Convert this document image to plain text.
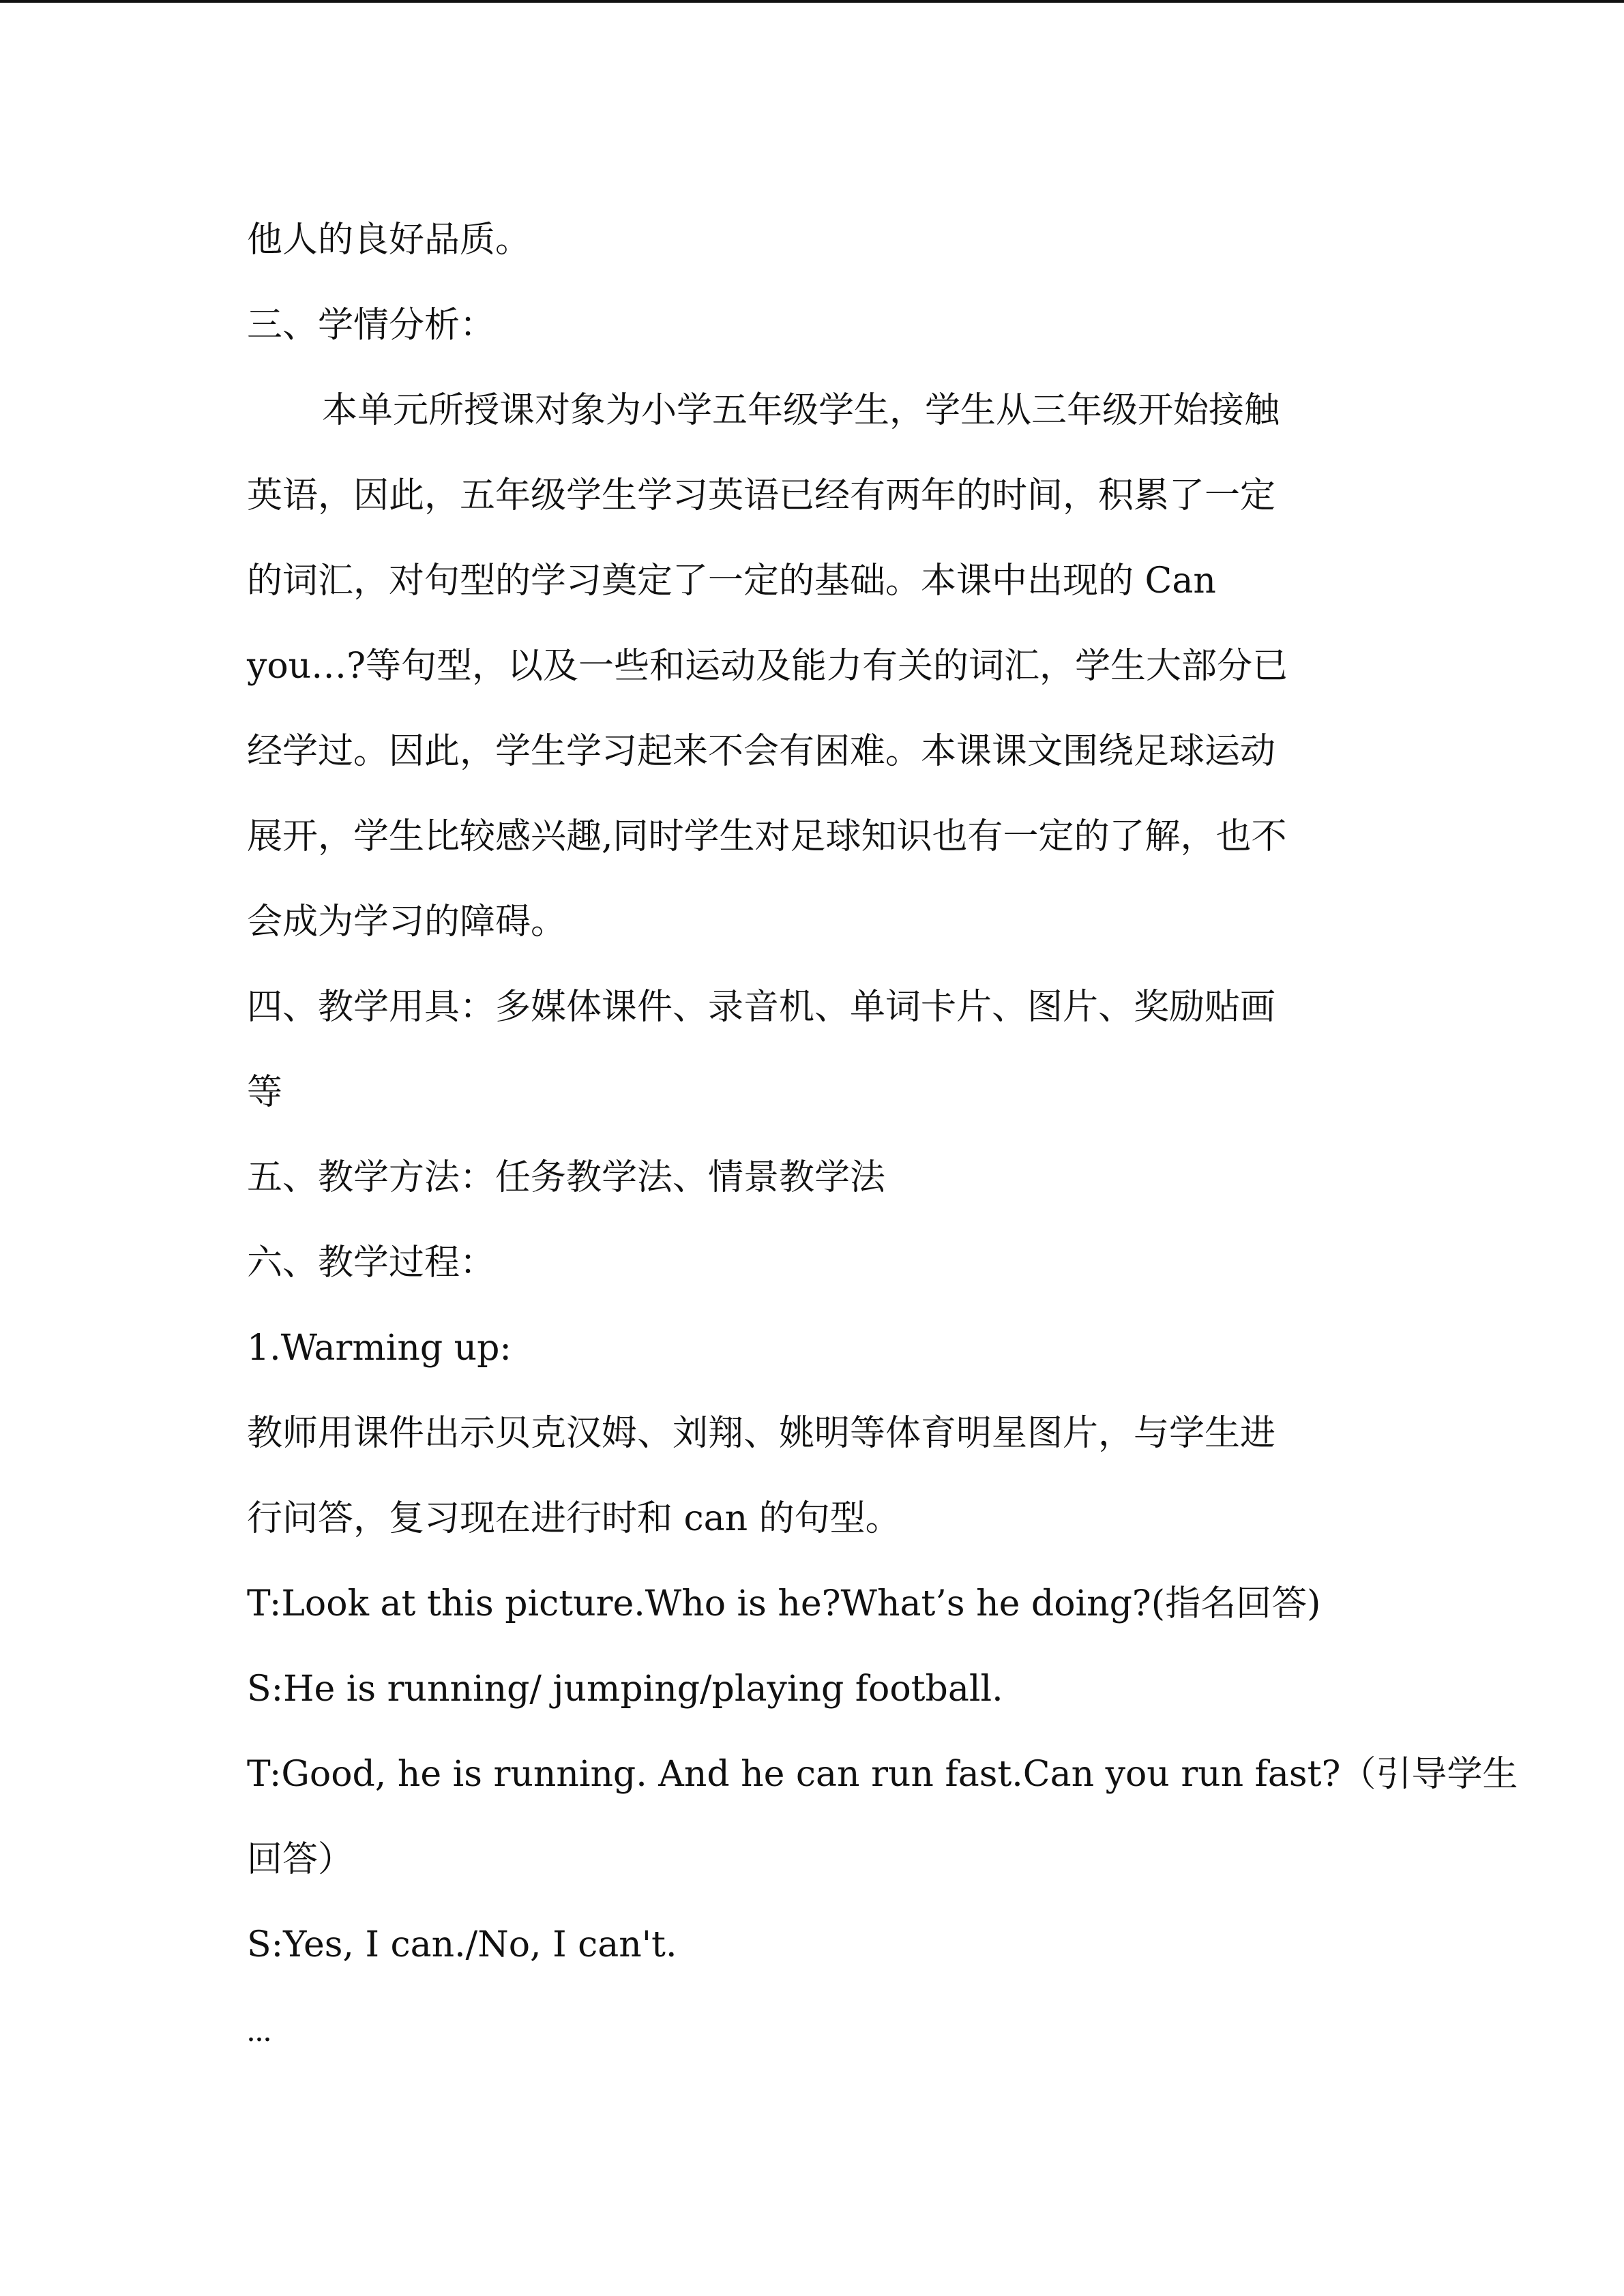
他人的良好品质。

三、学情分析：

本单元所授课对象为小学五年级学生，学生从三年级开始接触

英语，因此，五年级学生学习英语已经有两年的时间，积累了一定

的词汇，对句型的学习奠定了一定的基础。本课中出现的 Can

you…?等句型，以及一些和运动及能力有关的词汇，学生大部分已

经学过。因此，学生学习起来不会有困难。本课课文围绕足球运动

展开，学生比较感兴趣,同时学生对足球知识也有一定的了解，也不

会成为学习的障碍。

四、教学用具：多媒体课件、录音机、单词卡片、图片、奖励贴画

等

五、教学方法：任务教学法、情景教学法

六、教学过程：

1.Warming up:

教师用课件出示贝克汉姆、刘翔、姚明等体育明星图片，与学生进

行问答，复习现在进行时和 can 的句型。

T:Look at this picture.Who is he?What’s he doing?(指名回答)

S:He is running/ jumping/playing football.

T:Good, he is running. And he can run fast.Can you run fast?（引导学生

回答）

S:Yes, I can./No, I can't.

...
